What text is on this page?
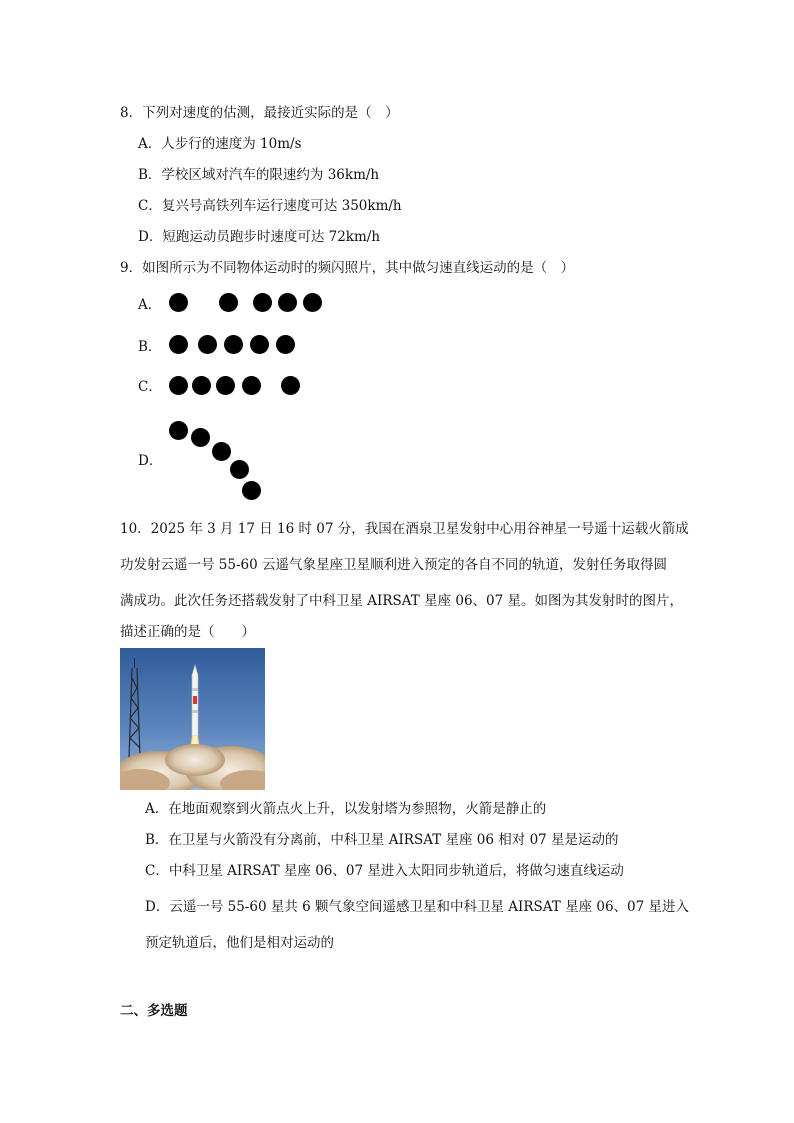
8．下列对速度的估测，最接近实际的是（　）
A．人步行的速度为 10m/s
B．学校区域对汽车的限速约为 36km/h
C．复兴号高铁列车运行速度可达 350km/h
D．短跑运动员跑步时速度可达 72km/h
9．如图所示为不同物体运动时的频闪照片，其中做匀速直线运动的是（　）
A．
B．
C．
D．
10．2025 年 3 月 17 日 16 时 07 分，我国在酒泉卫星发射中心用谷神星一号遥十运载火箭成
功发射云遥一号 55-60 云遥气象星座卫星顺利进入预定的各自不同的轨道，发射任务取得圆
满成功。此次任务还搭载发射了中科卫星 AIRSAT 星座 06、07 星。如图为其发射时的图片，
描述正确的是（　　）
A．在地面观察到火箭点火上升，以发射塔为参照物，火箭是静止的
B．在卫星与火箭没有分离前，中科卫星 AIRSAT 星座 06 相对 07 星是运动的
C．中科卫星 AIRSAT 星座 06、07 星进入太阳同步轨道后，将做匀速直线运动
D．云遥一号 55-60 星共 6 颗气象空间遥感卫星和中科卫星 AIRSAT 星座 06、07 星进入
预定轨道后，他们是相对运动的
二、多选题
